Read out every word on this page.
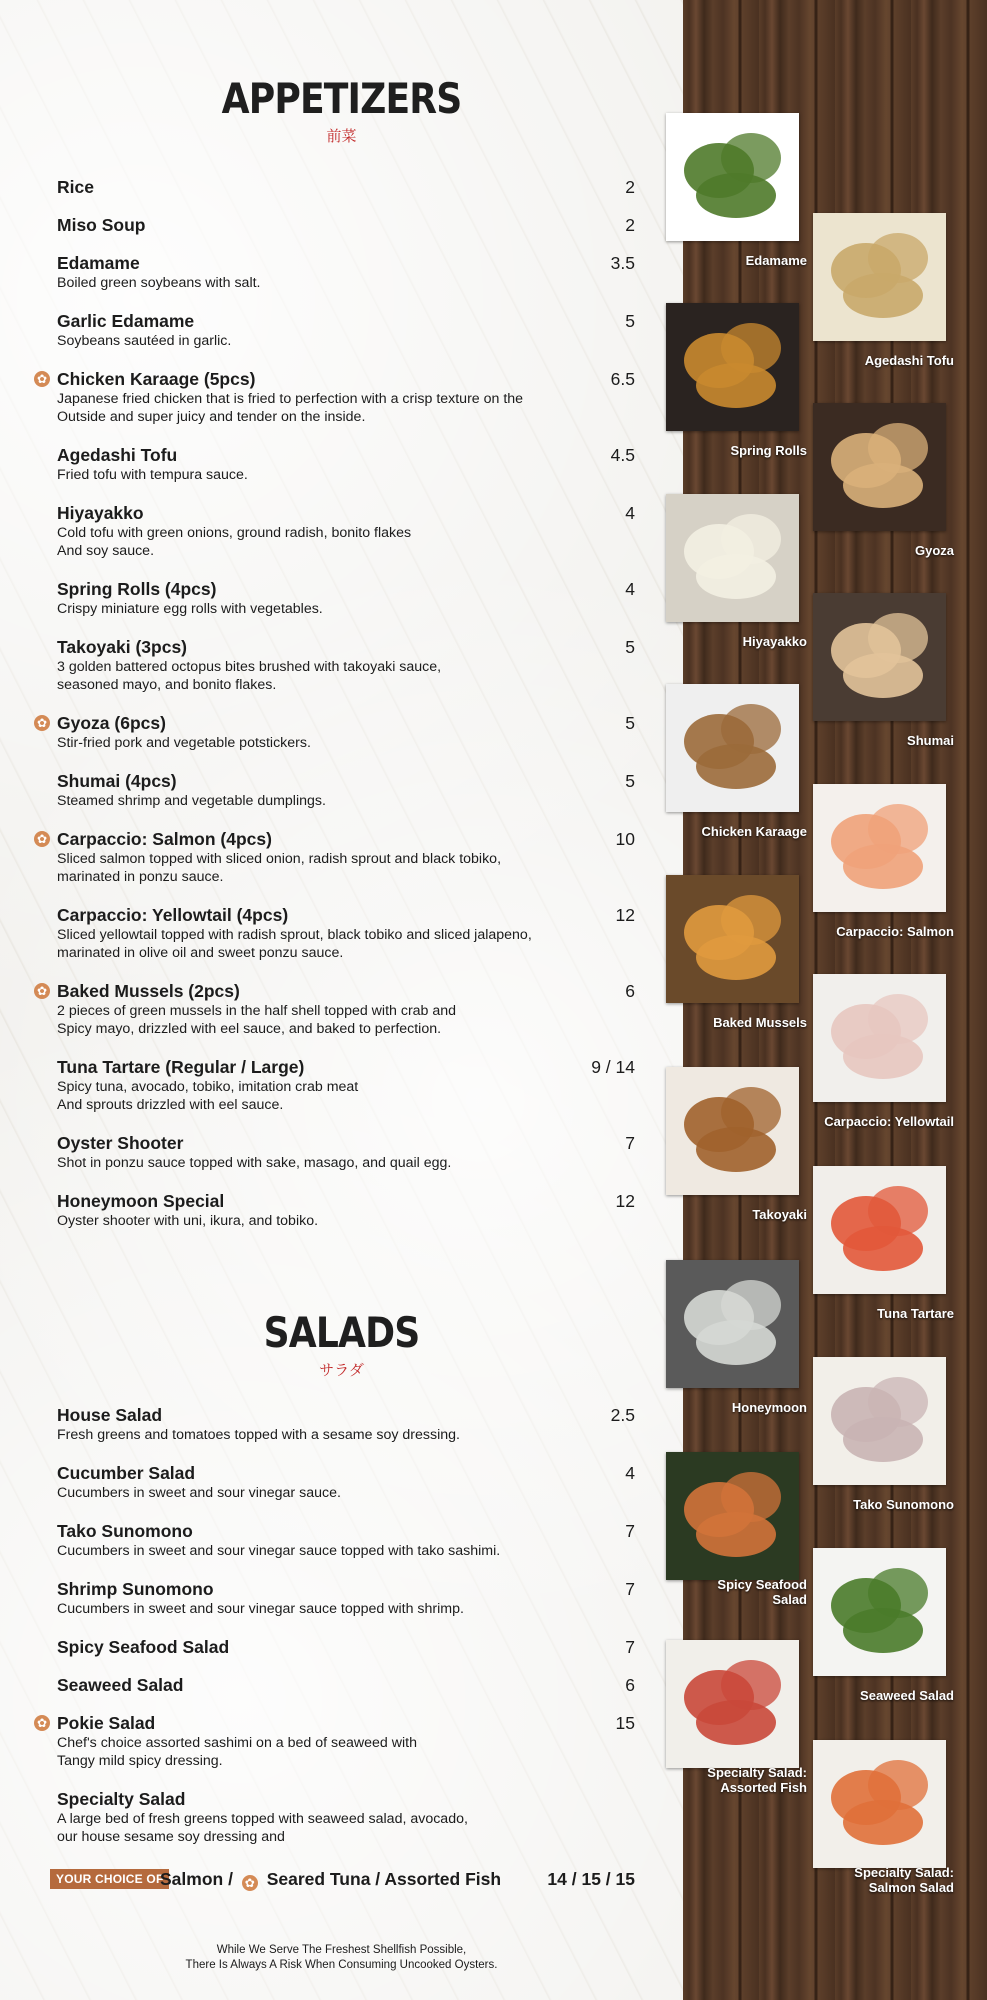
APPETIZERS
前菜
Rice	2
Miso Soup	2
Edamame	3.5
Boiled green soybeans with salt.
Garlic Edamame	5
Soybeans sautéed in garlic.
✿ Chicken Karaage (5pcs)	6.5
Japanese fried chicken that is fried to perfection with a crisp texture on the
Outside and super juicy and tender on the inside.
Agedashi Tofu	4.5
Fried tofu with tempura sauce.
Hiyayakko	4
Cold tofu with green onions, ground radish, bonito flakes
And soy sauce.
Spring Rolls (4pcs)	4
Crispy miniature egg rolls with vegetables.
Takoyaki (3pcs)	5
3 golden battered octopus bites brushed with takoyaki sauce,
seasoned mayo, and bonito flakes.
✿ Gyoza (6pcs)	5
Stir-fried pork and vegetable potstickers.
Shumai (4pcs)	5
Steamed shrimp and vegetable dumplings.
✿ Carpaccio: Salmon (4pcs)	10
Sliced salmon topped with sliced onion, radish sprout and black tobiko,
marinated in ponzu sauce.
Carpaccio: Yellowtail (4pcs)	12
Sliced yellowtail topped with radish sprout, black tobiko and sliced jalapeno,
marinated in olive oil and sweet ponzu sauce.
✿ Baked Mussels (2pcs)	6
2 pieces of green mussels in the half shell topped with crab and
Spicy mayo, drizzled with eel sauce, and baked to perfection.
Tuna Tartare (Regular / Large)	9 / 14
Spicy tuna, avocado, tobiko, imitation crab meat
And sprouts drizzled with eel sauce.
Oyster Shooter	7
Shot in ponzu sauce topped with sake, masago, and quail egg.
Honeymoon Special	12
Oyster shooter with uni, ikura, and tobiko.
SALADS
サラダ
House Salad	2.5
Fresh greens and tomatoes topped with a sesame soy dressing.
Cucumber Salad	4
Cucumbers in sweet and sour vinegar sauce.
Tako Sunomono	7
Cucumbers in sweet and sour vinegar sauce topped with tako sashimi.
Shrimp Sunomono	7
Cucumbers in sweet and sour vinegar sauce topped with shrimp.
Spicy Seafood Salad	7
Seaweed Salad	6
✿ Pokie Salad	15
Chef's choice assorted sashimi on a bed of seaweed with
Tangy mild spicy dressing.
Specialty Salad
A large bed of fresh greens topped with seaweed salad, avocado,
our house sesame soy dressing and
YOUR CHOICE OF
Salmon / ✿ Seared Tuna / Assorted Fish	14 / 15 / 15
While We Serve The Freshest Shellfish Possible,
There Is Always A Risk When Consuming Uncooked Oysters.
Edamame
Agedashi Tofu
Spring Rolls
Gyoza
Hiyayakko
Shumai
Chicken Karaage
Carpaccio: Salmon
Baked Mussels
Carpaccio: Yellowtail
Takoyaki
Tuna Tartare
Honeymoon
Tako Sunomono
Spicy Seafood
Salad
Seaweed Salad
Specialty Salad:
Assorted Fish
Specialty Salad:
Salmon Salad
